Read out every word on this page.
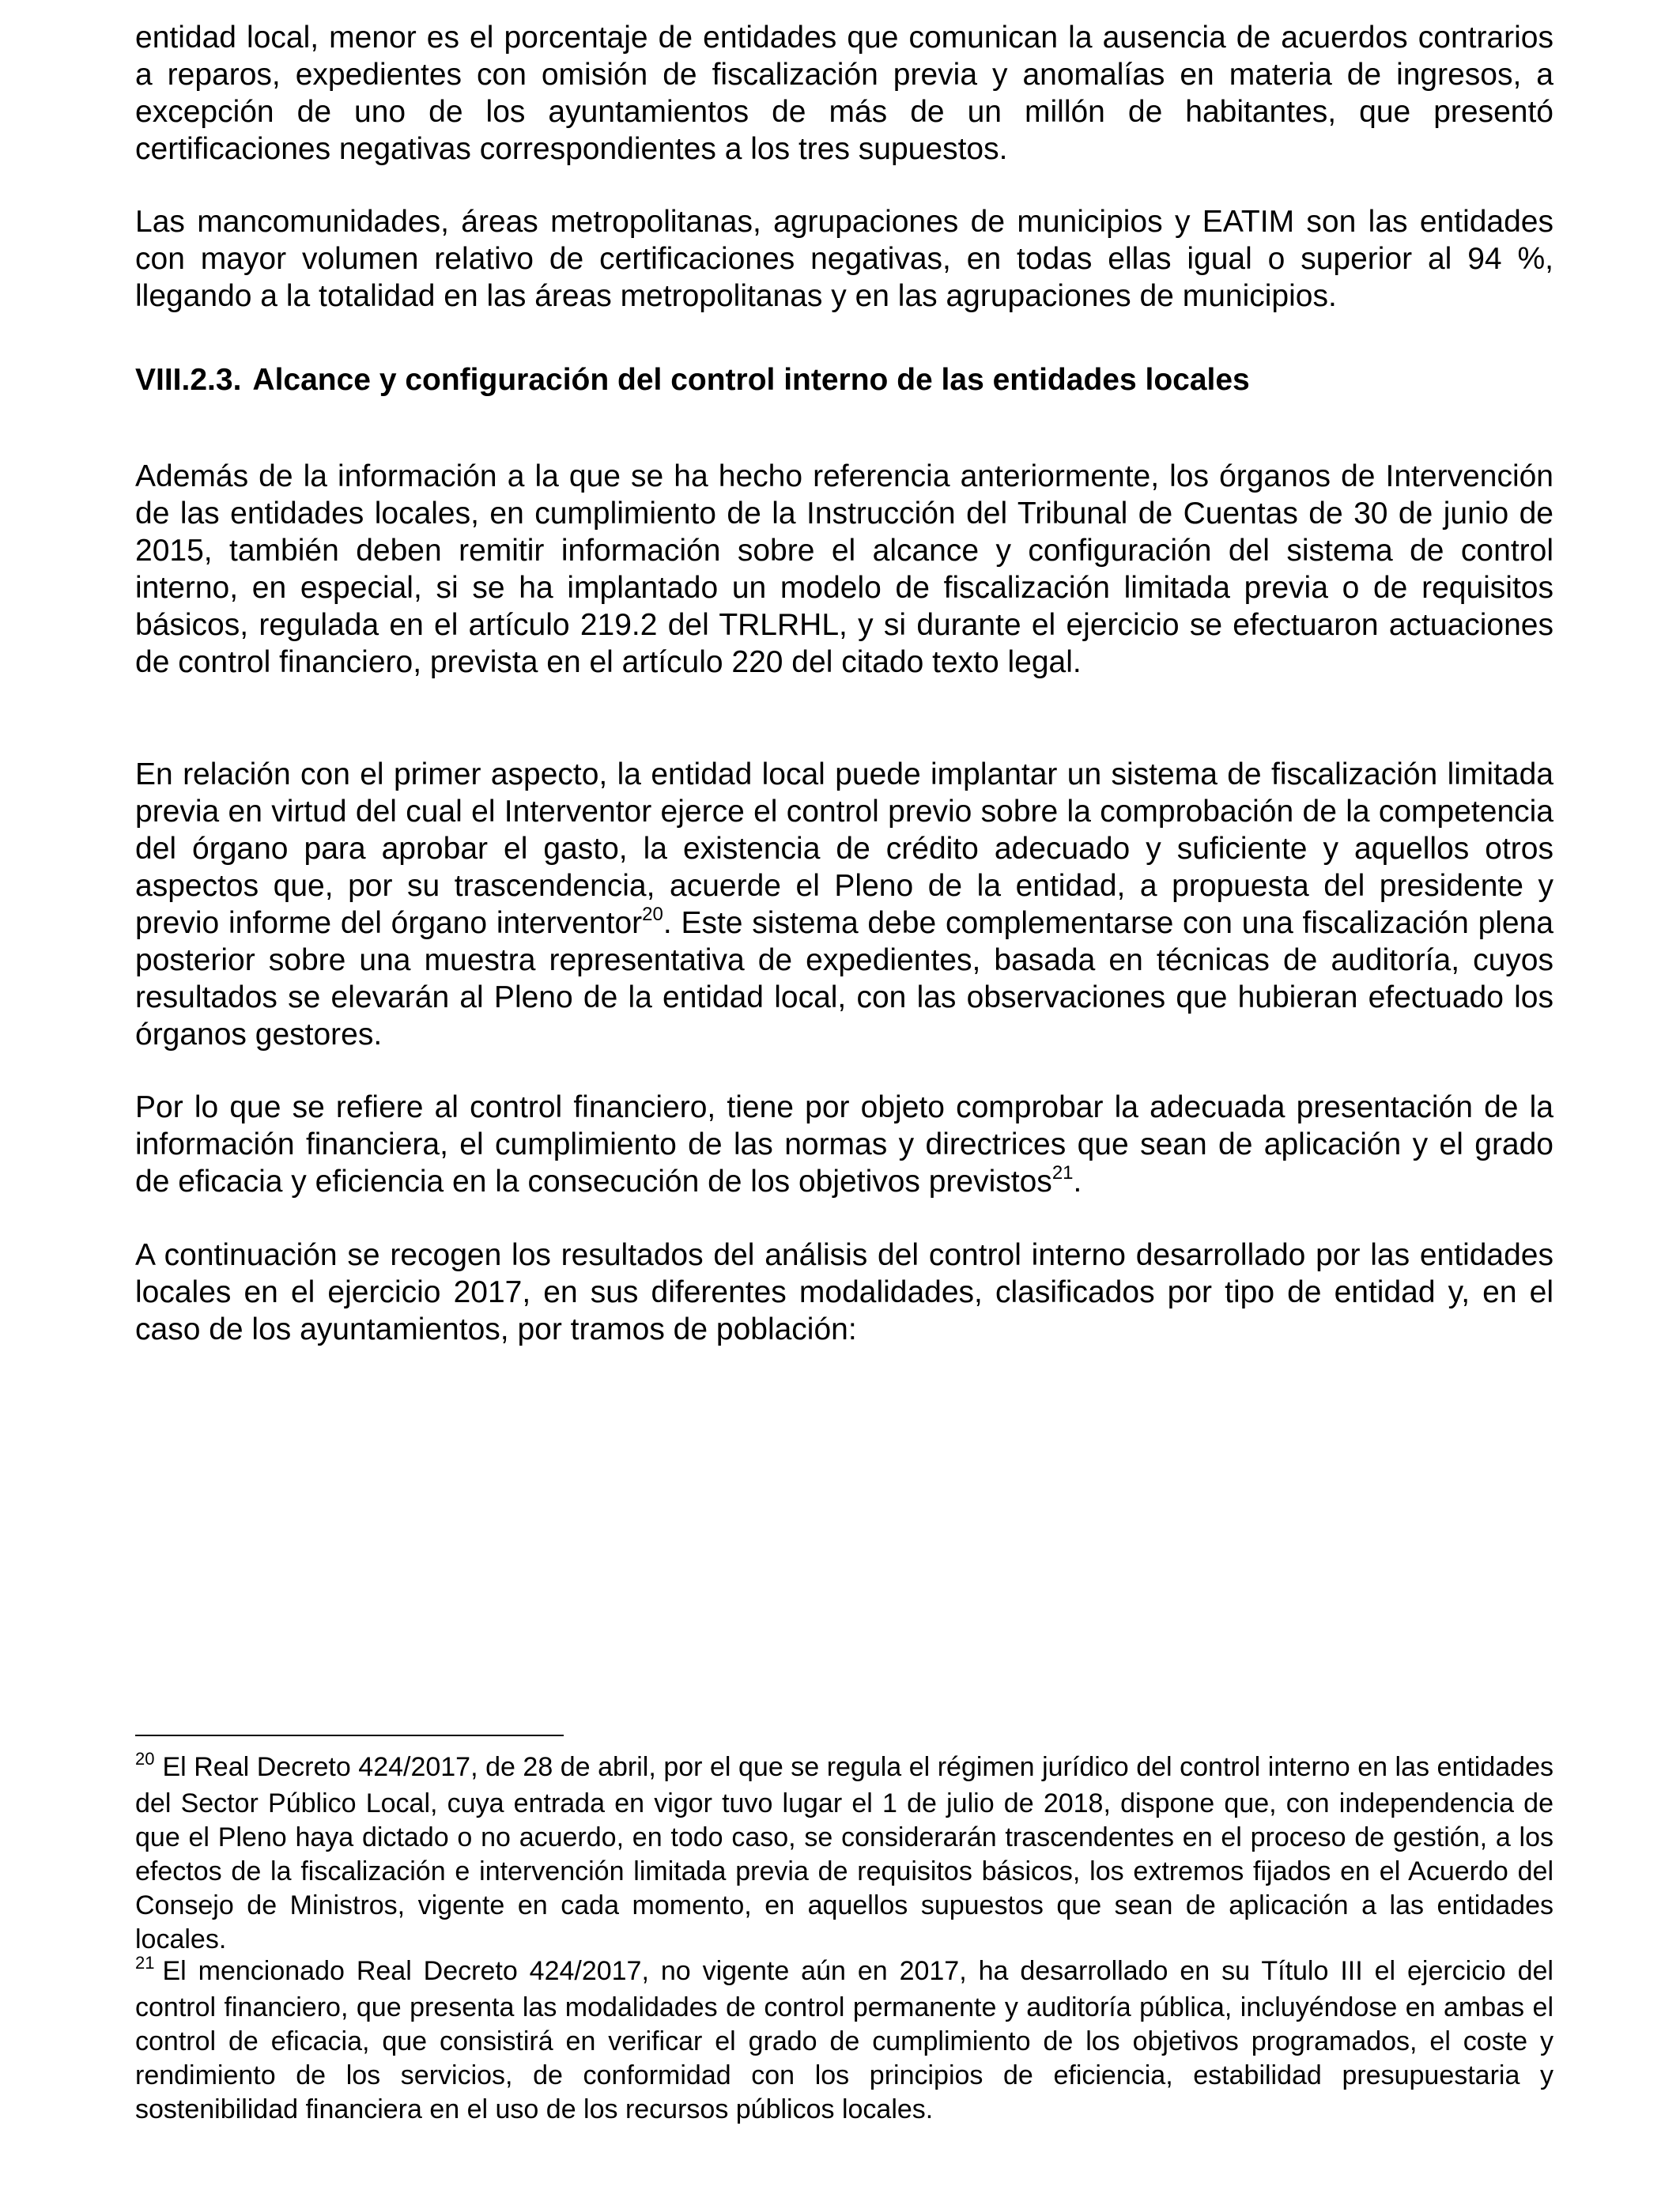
entidad local, menor es el porcentaje de entidades que comunican la ausencia de acuerdos contrarios a reparos, expedientes con omisión de fiscalización previa y anomalías en materia de ingresos, a excepción de uno de los ayuntamientos de más de un millón de habitantes, que presentó certificaciones negativas correspondientes a los tres supuestos.

Las mancomunidades, áreas metropolitanas, agrupaciones de municipios y EATIM son las entidades con mayor volumen relativo de certificaciones negativas, en todas ellas igual o superior al 94 %, llegando a la totalidad en las áreas metropolitanas y en las agrupaciones de municipios.

VIII.2.3. Alcance y configuración del control interno de las entidades locales

Además de la información a la que se ha hecho referencia anteriormente, los órganos de Intervención de las entidades locales, en cumplimiento de la Instrucción del Tribunal de Cuentas de 30 de junio de 2015, también deben remitir información sobre el alcance y configuración del sistema de control interno, en especial, si se ha implantado un modelo de fiscalización limitada previa o de requisitos básicos, regulada en el artículo 219.2 del TRLRHL, y si durante el ejercicio se efectuaron actuaciones de control financiero, prevista en el artículo 220 del citado texto legal.

En relación con el primer aspecto, la entidad local puede implantar un sistema de fiscalización limitada previa en virtud del cual el Interventor ejerce el control previo sobre la comprobación de la competencia del órgano para aprobar el gasto, la existencia de crédito adecuado y suficiente y aquellos otros aspectos que, por su trascendencia, acuerde el Pleno de la entidad, a propuesta del presidente y previo informe del órgano interventor$^{20}$. Este sistema debe complementarse con una fiscalización plena posterior sobre una muestra representativa de expedientes, basada en técnicas de auditoría, cuyos resultados se elevarán al Pleno de la entidad local, con las observaciones que hubieran efectuado los órganos gestores.

Por lo que se refiere al control financiero, tiene por objeto comprobar la adecuada presentación de la información financiera, el cumplimiento de las normas y directrices que sean de aplicación y el grado de eficacia y eficiencia en la consecución de los objetivos previstos$^{21}$.

A continuación se recogen los resultados del análisis del control interno desarrollado por las entidades locales en el ejercicio 2017, en sus diferentes modalidades, clasificados por tipo de entidad y, en el caso de los ayuntamientos, por tramos de población:

$^{20}$ El Real Decreto 424/2017, de 28 de abril, por el que se regula el régimen jurídico del control interno en las entidades del Sector Público Local, cuya entrada en vigor tuvo lugar el 1 de julio de 2018, dispone que, con independencia de que el Pleno haya dictado o no acuerdo, en todo caso, se considerarán trascendentes en el proceso de gestión, a los efectos de la fiscalización e intervención limitada previa de requisitos básicos, los extremos fijados en el Acuerdo del Consejo de Ministros, vigente en cada momento, en aquellos supuestos que sean de aplicación a las entidades locales.

$^{21}$ El mencionado Real Decreto 424/2017, no vigente aún en 2017, ha desarrollado en su Título III el ejercicio del control financiero, que presenta las modalidades de control permanente y auditoría pública, incluyéndose en ambas el control de eficacia, que consistirá en verificar el grado de cumplimiento de los objetivos programados, el coste y rendimiento de los servicios, de conformidad con los principios de eficiencia, estabilidad presupuestaria y sostenibilidad financiera en el uso de los recursos públicos locales.
